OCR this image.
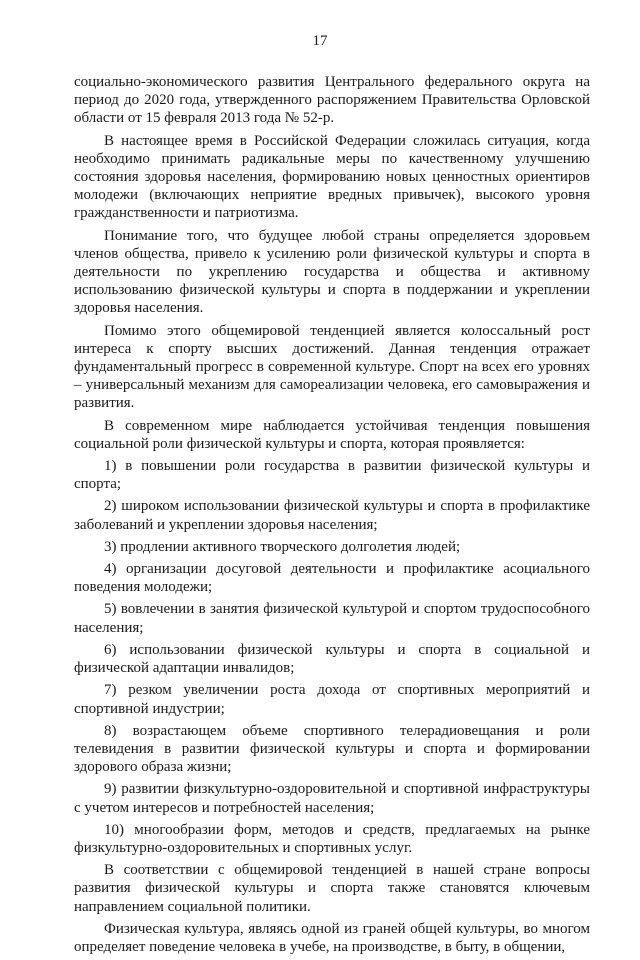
17

социально-экономического развития Центрального федерального округа на период до 2020 года, утвержденного распоряжением Правительства Орловской области от 15 февраля 2013 года № 52-р.

В настоящее время в Российской Федерации сложилась ситуация, когда необходимо принимать радикальные меры по качественному улучшению состояния здоровья населения, формированию новых ценностных ориентиров молодежи (включающих неприятие вредных привычек), высокого уровня гражданственности и патриотизма.

Понимание того, что будущее любой страны определяется здоровьем членов общества, привело к усилению роли физической культуры и спорта в деятельности по укреплению государства и общества и активному использованию физической культуры и спорта в поддержании и укреплении здоровья населения.

Помимо этого общемировой тенденцией является колоссальный рост интереса к спорту высших достижений. Данная тенденция отражает фундаментальный прогресс в современной культуре. Спорт на всех его уровнях – универсальный механизм для самореализации человека, его самовыражения и развития.

В современном мире наблюдается устойчивая тенденция повышения социальной роли физической культуры и спорта, которая проявляется:

1) в повышении роли государства в развитии физической культуры и спорта;

2) широком использовании физической культуры и спорта в профилактике заболеваний и укреплении здоровья населения;

3) продлении активного творческого долголетия людей;

4) организации досуговой деятельности и профилактике асоциального поведения молодежи;

5) вовлечении в занятия физической культурой и спортом трудоспособного населения;

6) использовании физической культуры и спорта в социальной и физической адаптации инвалидов;

7) резком увеличении роста дохода от спортивных мероприятий и спортивной индустрии;

8) возрастающем объеме спортивного телерадиовещания и роли телевидения в развитии физической культуры и спорта и формировании здорового образа жизни;

9) развитии физкультурно-оздоровительной и спортивной инфраструктуры с учетом интересов и потребностей населения;

10) многообразии форм, методов и средств, предлагаемых на рынке физкультурно-оздоровительных и спортивных услуг.

В соответствии с общемировой тенденцией в нашей стране вопросы развития физической культуры и спорта также становятся ключевым направлением социальной политики.

Физическая культура, являясь одной из граней общей культуры, во многом определяет поведение человека в учебе, на производстве, в быту, в общении,
